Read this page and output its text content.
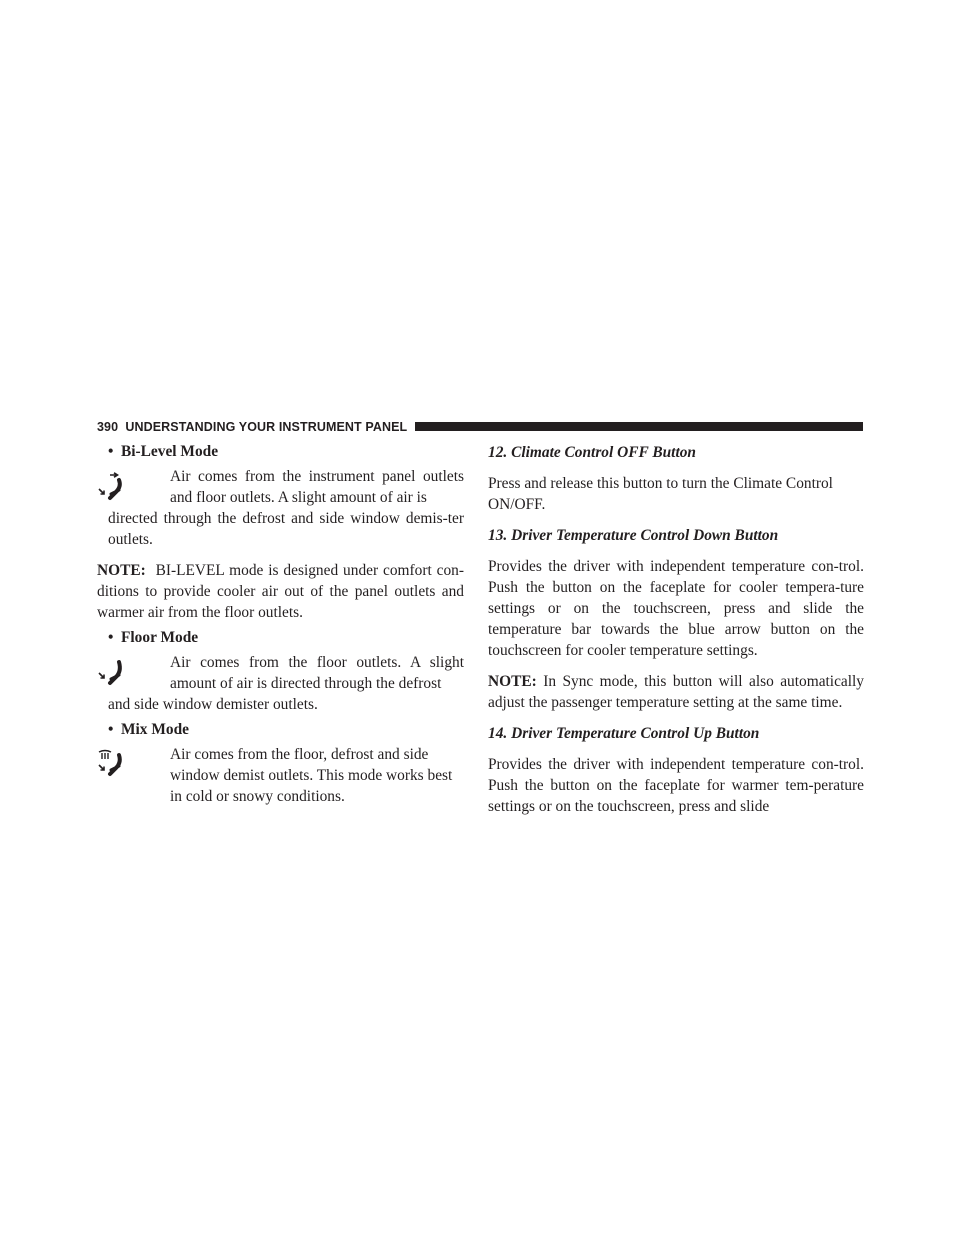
390 UNDERSTANDING YOUR INSTRUMENT PANEL
• Bi-Level Mode

Air comes from the instrument panel outlets and floor outlets. A slight amount of air is

directed through the defrost and side window demis-ter outlets.

NOTE: BI-LEVEL mode is designed under comfort con-ditions to provide cooler air out of the panel outlets and warmer air from the floor outlets.

• Floor Mode

Air comes from the floor outlets. A slight amount of air is directed through the defrost

and side window demister outlets.

• Mix Mode

Air comes from the floor, defrost and side window demist outlets. This mode works best in cold or snowy conditions.

12. Climate Control OFF Button

Press and release this button to turn the Climate Control ON/OFF.

13. Driver Temperature Control Down Button

Provides the driver with independent temperature con-trol. Push the button on the faceplate for cooler tempera-ture settings or on the touchscreen, press and slide the temperature bar towards the blue arrow button on the touchscreen for cooler temperature settings.

NOTE: In Sync mode, this button will also automatically adjust the passenger temperature setting at the same time.

14. Driver Temperature Control Up Button

Provides the driver with independent temperature con-trol. Push the button on the faceplate for warmer tem-perature settings or on the touchscreen, press and slide
